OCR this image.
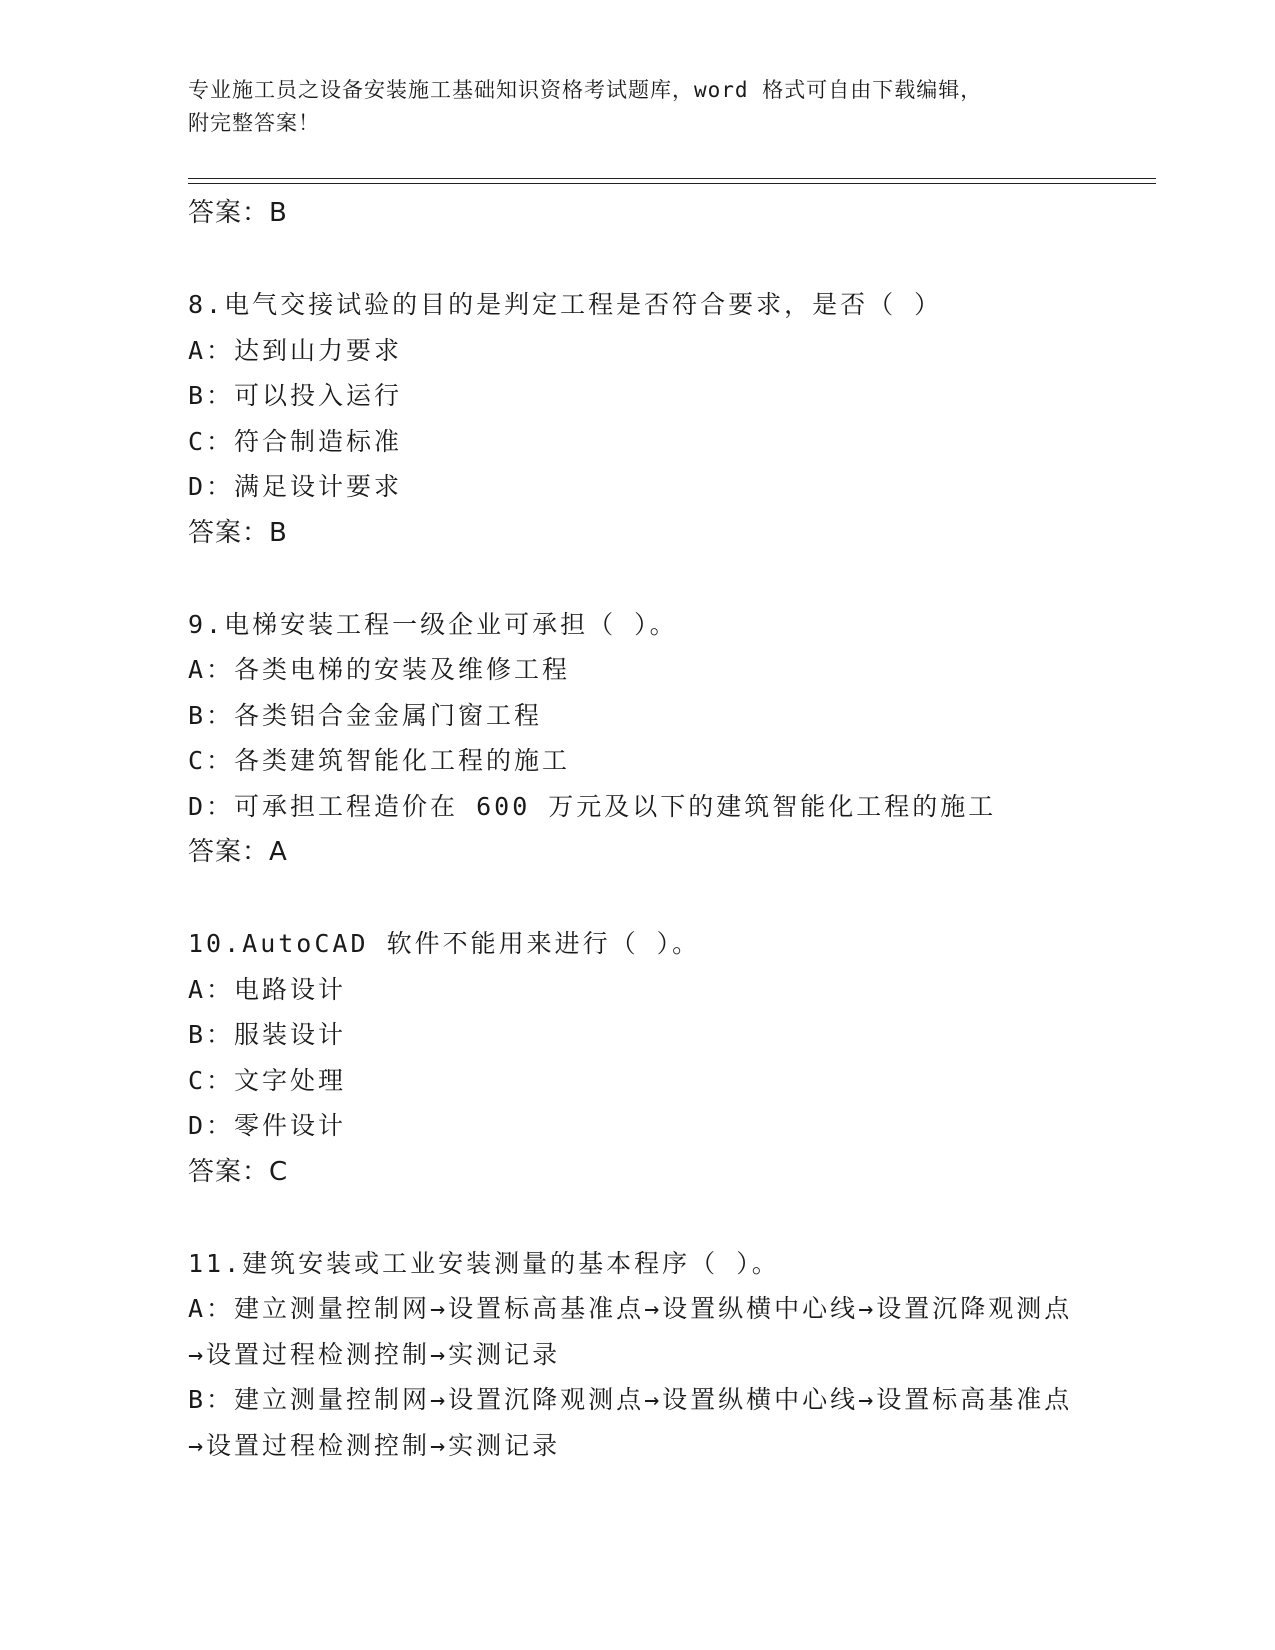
专业施工员之设备安装施工基础知识资格考试题库，word 格式可自由下载编辑，
附完整答案！
答案：B
8.电气交接试验的目的是判定工程是否符合要求，是否（ ）
A：达到山力要求
B：可以投入运行
C：符合制造标准
D：满足设计要求
答案：B
9.电梯安装工程一级企业可承担（ ）。
A：各类电梯的安装及维修工程
B：各类铝合金金属门窗工程
C：各类建筑智能化工程的施工
D：可承担工程造价在 600 万元及以下的建筑智能化工程的施工
答案：A
10.AutoCAD 软件不能用来进行（ ）。
A：电路设计
B：服装设计
C：文字处理
D：零件设计
答案：C
11.建筑安装或工业安装测量的基本程序（ ）。
A：建立测量控制网→设置标高基准点→设置纵横中心线→设置沉降观测点→设置过程检测控制→实测记录
B：建立测量控制网→设置沉降观测点→设置纵横中心线→设置标高基准点→设置过程检测控制→实测记录
